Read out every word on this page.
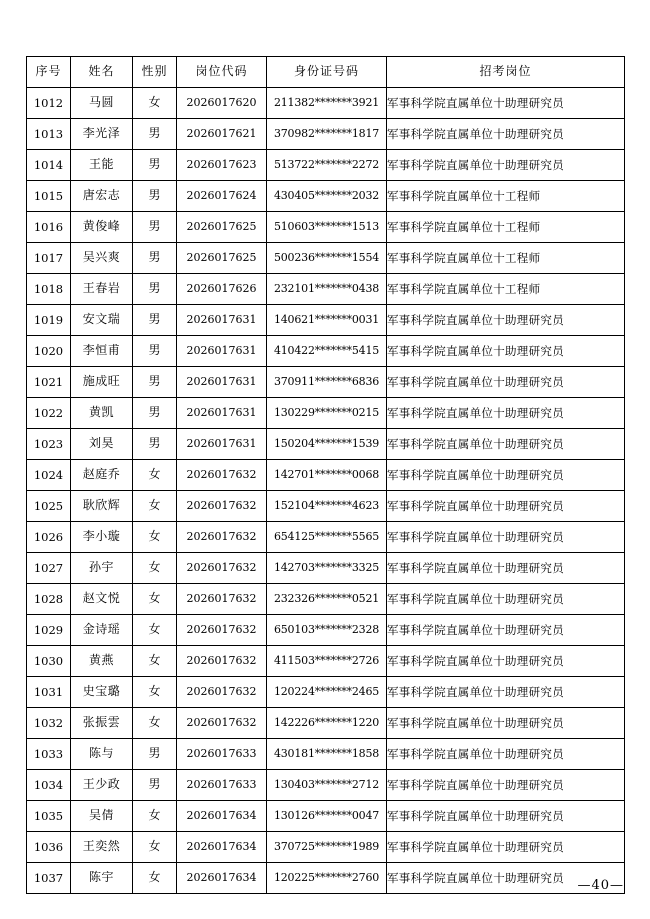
序号	姓名	性别	岗位代码	身份证号码	招考岗位
1012	马圆	女	2026017620	211382*******3921	军事科学院直属单位十助理研究员
1013	李光泽	男	2026017621	370982*******1817	军事科学院直属单位十助理研究员
1014	王能	男	2026017623	513722*******2272	军事科学院直属单位十助理研究员
1015	唐宏志	男	2026017624	430405*******2032	军事科学院直属单位十工程师
1016	黄俊峰	男	2026017625	510603*******1513	军事科学院直属单位十工程师
1017	吴兴爽	男	2026017625	500236*******1554	军事科学院直属单位十工程师
1018	王春岩	男	2026017626	232101*******0438	军事科学院直属单位十工程师
1019	安文瑞	男	2026017631	140621*******0031	军事科学院直属单位十助理研究员
1020	李恒甫	男	2026017631	410422*******5415	军事科学院直属单位十助理研究员
1021	施成旺	男	2026017631	370911*******6836	军事科学院直属单位十助理研究员
1022	黄凯	男	2026017631	130229*******0215	军事科学院直属单位十助理研究员
1023	刘昊	男	2026017631	150204*******1539	军事科学院直属单位十助理研究员
1024	赵庭乔	女	2026017632	142701*******0068	军事科学院直属单位十助理研究员
1025	耿欣辉	女	2026017632	152104*******4623	军事科学院直属单位十助理研究员
1026	李小璇	女	2026017632	654125*******5565	军事科学院直属单位十助理研究员
1027	孙宇	女	2026017632	142703*******3325	军事科学院直属单位十助理研究员
1028	赵文悦	女	2026017632	232326*******0521	军事科学院直属单位十助理研究员
1029	金诗瑶	女	2026017632	650103*******2328	军事科学院直属单位十助理研究员
1030	黄燕	女	2026017632	411503*******2726	军事科学院直属单位十助理研究员
1031	史宝璐	女	2026017632	120224*******2465	军事科学院直属单位十助理研究员
1032	张振雲	女	2026017632	142226*******1220	军事科学院直属单位十助理研究员
1033	陈与	男	2026017633	430181*******1858	军事科学院直属单位十助理研究员
1034	王少政	男	2026017633	130403*******2712	军事科学院直属单位十助理研究员
1035	吴倩	女	2026017634	130126*******0047	军事科学院直属单位十助理研究员
1036	王奕然	女	2026017634	370725*******1989	军事科学院直属单位十助理研究员
1037	陈宇	女	2026017634	120225*******2760	军事科学院直属单位十助理研究员
—40—
